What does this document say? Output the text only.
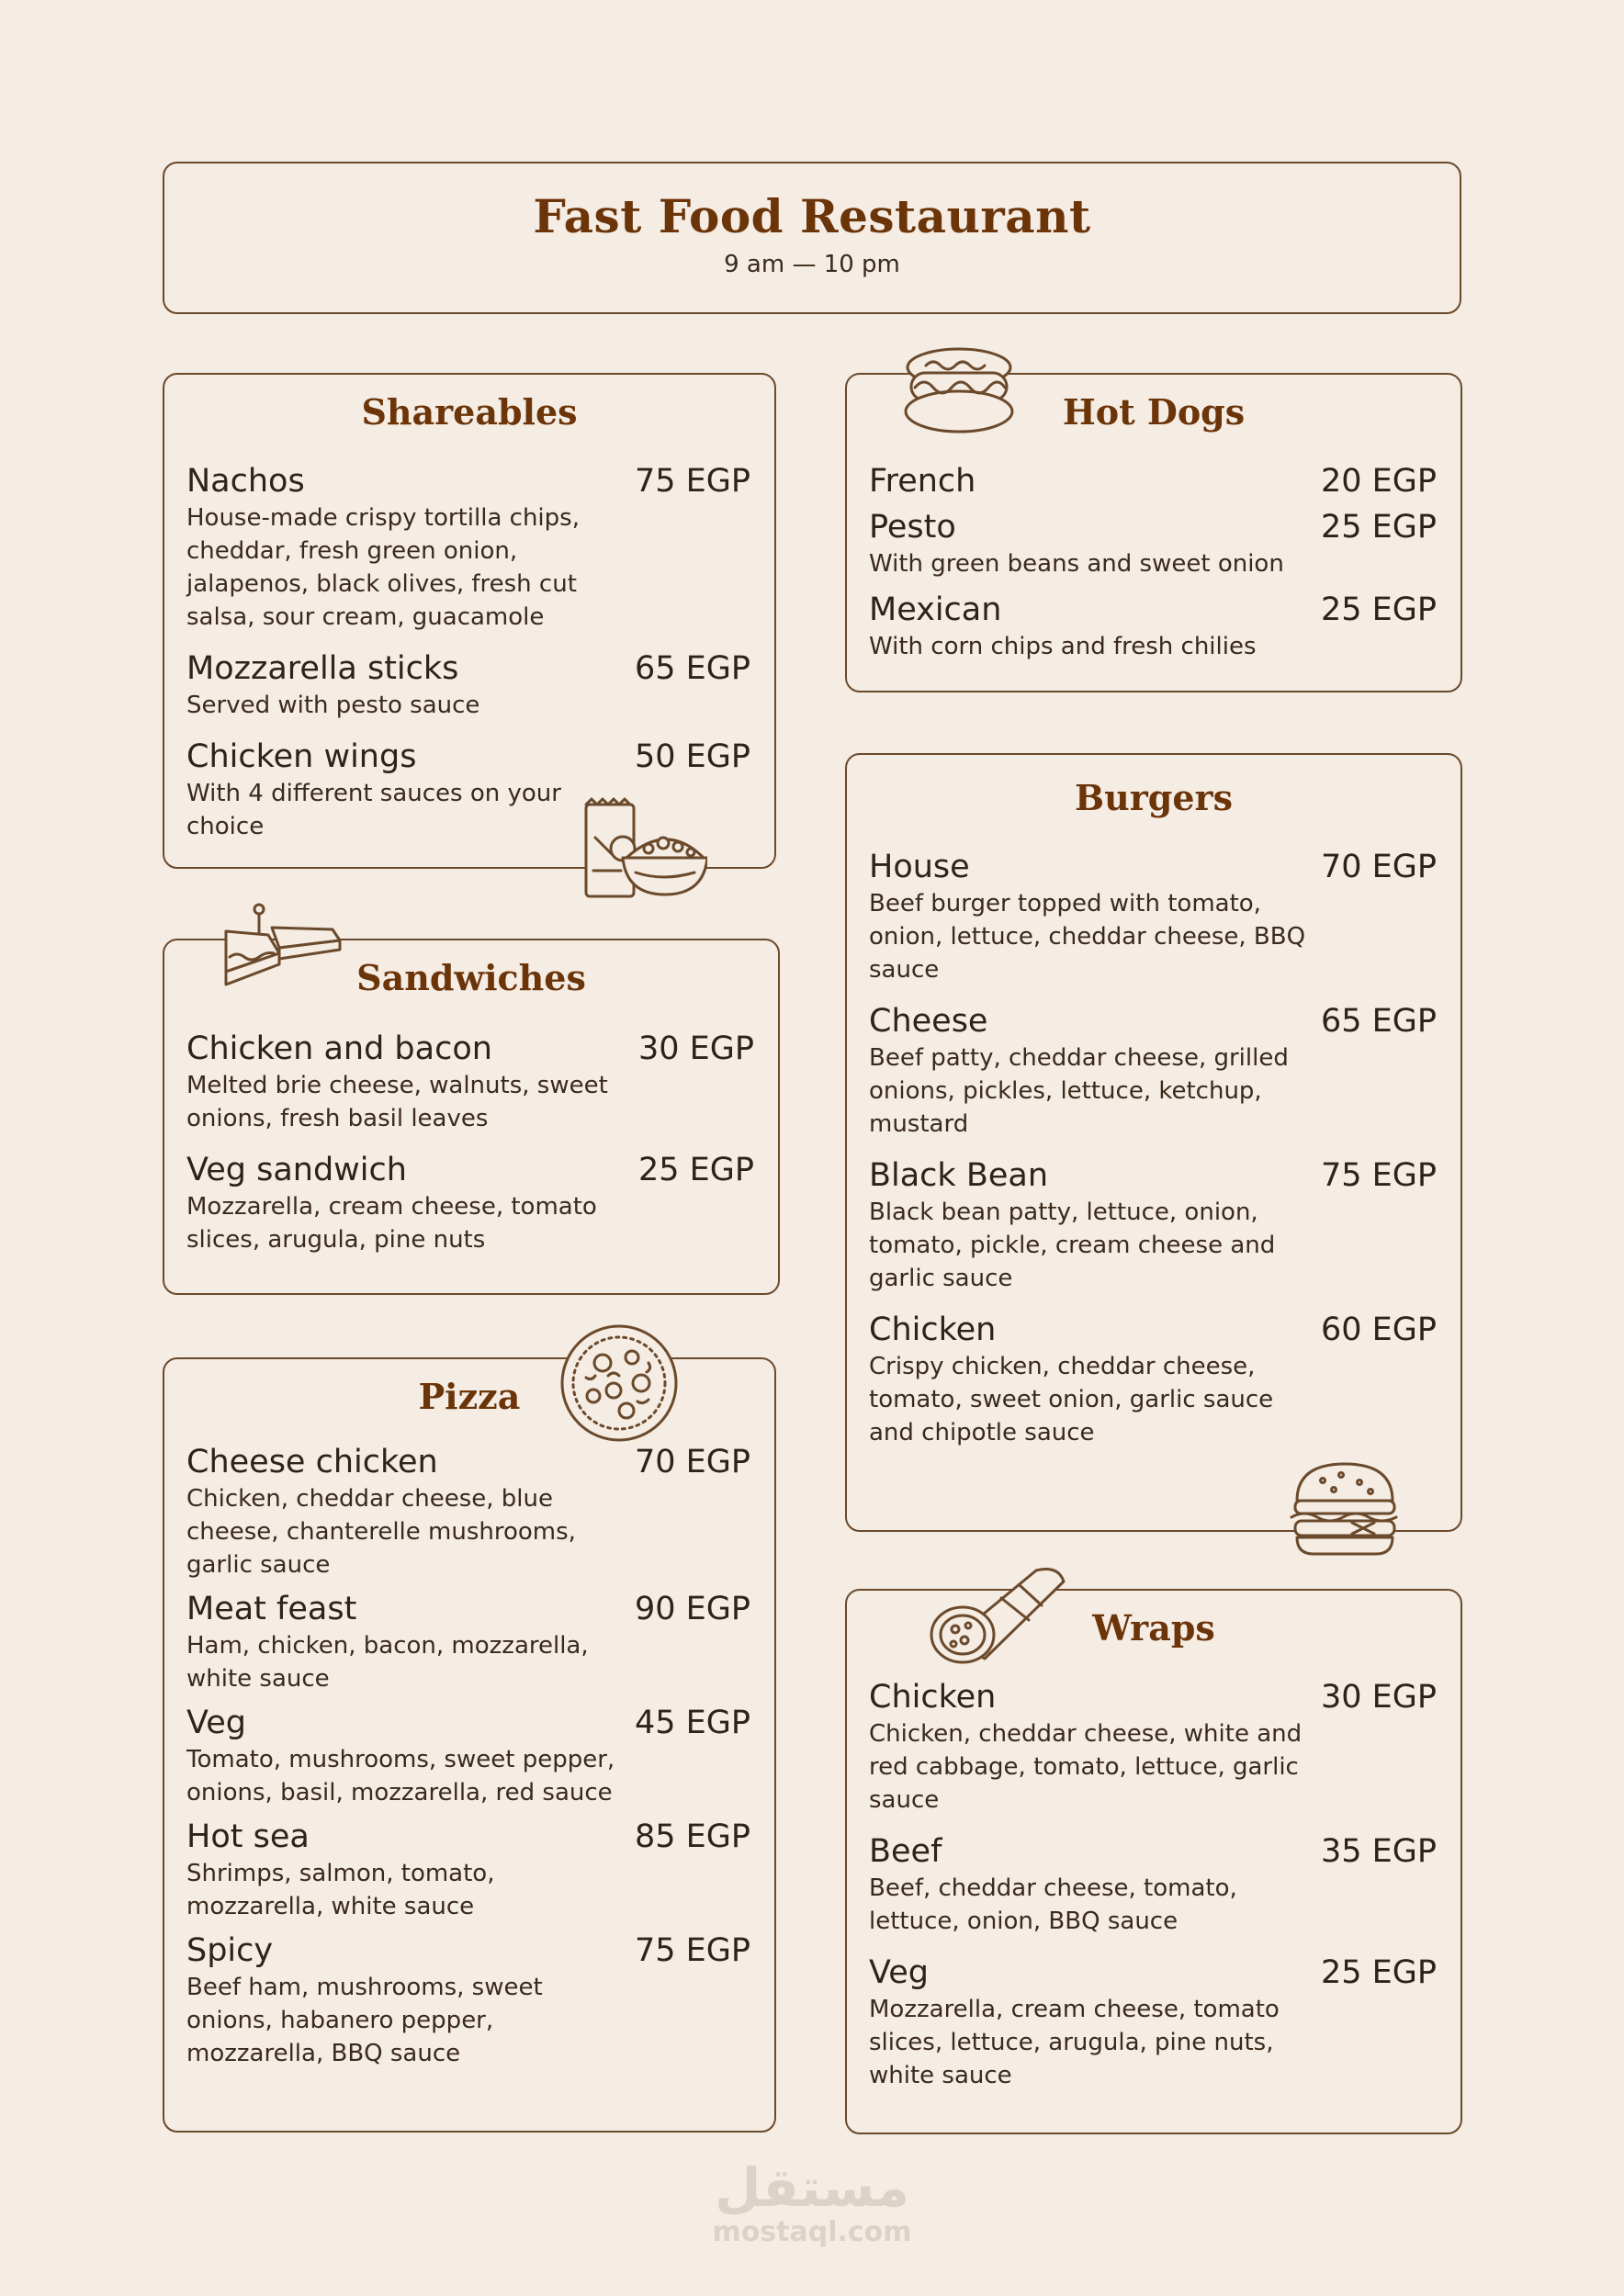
Fast Food Restaurant
9 am — 10 pm
Shareables
Nachos	75 EGP
House-made crispy tortilla chips, cheddar, fresh green onion, jalapenos, black olives, fresh cut salsa, sour cream, guacamole
Mozzarella sticks	65 EGP
Served with pesto sauce
Chicken wings	50 EGP
With 4 different sauces on your choice
Hot Dogs
French	20 EGP
Pesto	25 EGP
With green beans and sweet onion
Mexican	25 EGP
With corn chips and fresh chilies
Sandwiches
Chicken and bacon	30 EGP
Melted brie cheese, walnuts, sweet onions, fresh basil leaves
Veg sandwich	25 EGP
Mozzarella, cream cheese, tomato slices, arugula, pine nuts
Burgers
House	70 EGP
Beef burger topped with tomato, onion, lettuce, cheddar cheese, BBQ sauce
Cheese	65 EGP
Beef patty, cheddar cheese, grilled onions, pickles, lettuce, ketchup, mustard
Black Bean	75 EGP
Black bean patty, lettuce, onion, tomato, pickle, cream cheese and garlic sauce
Chicken	60 EGP
Crispy chicken, cheddar cheese, tomato, sweet onion, garlic sauce and chipotle sauce
Pizza
Cheese chicken	70 EGP
Chicken, cheddar cheese, blue cheese, chanterelle mushrooms, garlic sauce
Meat feast	90 EGP
Ham, chicken, bacon, mozzarella, white sauce
Veg	45 EGP
Tomato, mushrooms, sweet pepper, onions, basil, mozzarella, red sauce
Hot sea	85 EGP
Shrimps, salmon, tomato, mozzarella, white sauce
Spicy	75 EGP
Beef ham, mushrooms, sweet onions, habanero pepper, mozzarella, BBQ sauce
Wraps
Chicken	30 EGP
Chicken, cheddar cheese, white and red cabbage, tomato, lettuce, garlic sauce
Beef	35 EGP
Beef, cheddar cheese, tomato, lettuce, onion, BBQ sauce
Veg	25 EGP
Mozzarella, cream cheese, tomato slices, lettuce, arugula, pine nuts, white sauce
مستقل
mostaql.com
